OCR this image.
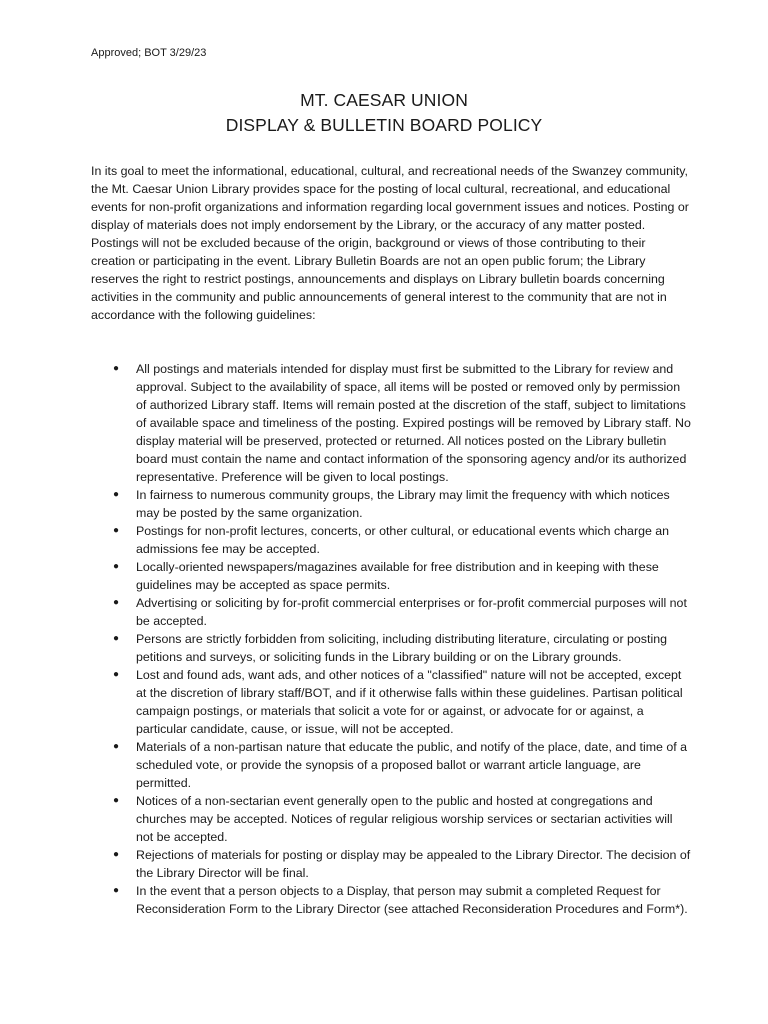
Approved; BOT 3/29/23
MT. CAESAR UNION
DISPLAY & BULLETIN BOARD POLICY

In its goal to meet the informational, educational, cultural, and recreational needs of the Swanzey community, the Mt. Caesar Union Library provides space for the posting of local cultural, recreational, and educational events for non-profit organizations and information regarding local government issues and notices. Posting or display of materials does not imply endorsement by the Library, or the accuracy of any matter posted. Postings will not be excluded because of the origin, background or views of those contributing to their creation or participating in the event. Library Bulletin Boards are not an open public forum; the Library reserves the right to restrict postings, announcements and displays on Library bulletin boards concerning activities in the community and public announcements of general interest to the community that are not in accordance with the following guidelines:

● All postings and materials intended for display must first be submitted to the Library for review and approval. Subject to the availability of space, all items will be posted or removed only by permission of authorized Library staff. Items will remain posted at the discretion of the staff, subject to limitations of available space and timeliness of the posting. Expired postings will be removed by Library staff. No display material will be preserved, protected or returned. All notices posted on the Library bulletin board must contain the name and contact information of the sponsoring agency and/or its authorized representative. Preference will be given to local postings.
● In fairness to numerous community groups, the Library may limit the frequency with which notices may be posted by the same organization.
● Postings for non-profit lectures, concerts, or other cultural, or educational events which charge an admissions fee may be accepted.
● Locally-oriented newspapers/magazines available for free distribution and in keeping with these guidelines may be accepted as space permits.
● Advertising or soliciting by for-profit commercial enterprises or for-profit commercial purposes will not be accepted.
● Persons are strictly forbidden from soliciting, including distributing literature, circulating or posting petitions and surveys, or soliciting funds in the Library building or on the Library grounds.
● Lost and found ads, want ads, and other notices of a "classified" nature will not be accepted, except at the discretion of library staff/BOT, and if it otherwise falls within these guidelines. Partisan political campaign postings, or materials that solicit a vote for or against, or advocate for or against, a particular candidate, cause, or issue, will not be accepted.
● Materials of a non-partisan nature that educate the public, and notify of the place, date, and time of a scheduled vote, or provide the synopsis of a proposed ballot or warrant article language, are permitted.
● Notices of a non-sectarian event generally open to the public and hosted at congregations and churches may be accepted. Notices of regular religious worship services or sectarian activities will not be accepted.
● Rejections of materials for posting or display may be appealed to the Library Director. The decision of the Library Director will be final.
● In the event that a person objects to a Display, that person may submit a completed Request for Reconsideration Form to the Library Director (see attached Reconsideration Procedures and Form*).
